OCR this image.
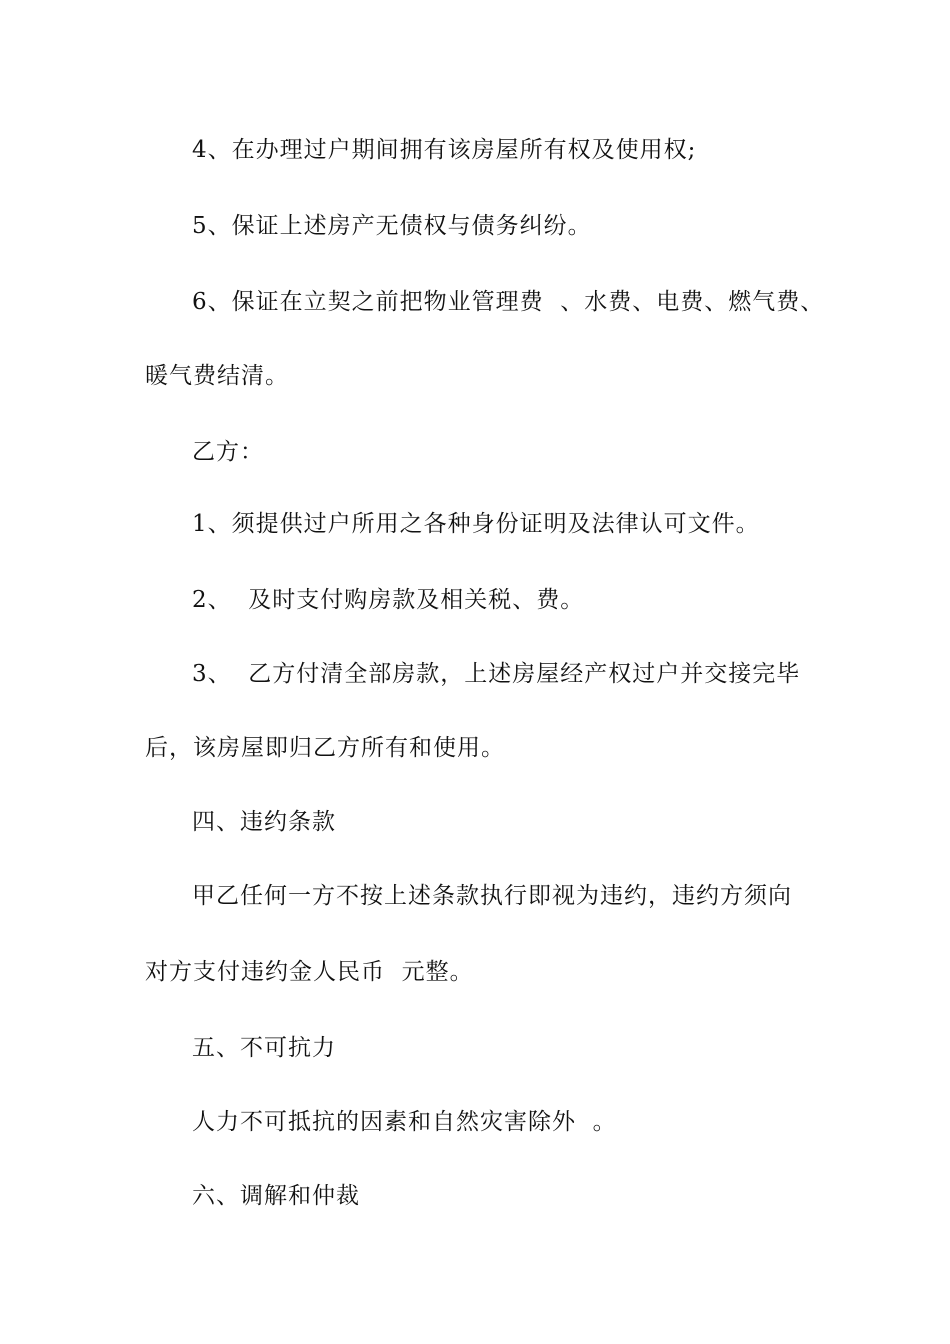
4、在办理过户期间拥有该房屋所有权及使用权;
5、保证上述房产无债权与债务纠纷。
6、保证在立契之前把物业管理费  、水费、电费、燃气费、
暖气费结清。
乙方：
1、须提供过户所用之各种身份证明及法律认可文件。
2、  及时支付购房款及相关税、费。
3、  乙方付清全部房款，上述房屋经产权过户并交接完毕
后，该房屋即归乙方所有和使用。
四、违约条款
甲乙任何一方不按上述条款执行即视为违约，违约方须向
对方支付违约金人民币  元整。
五、不可抗力
人力不可抵抗的因素和自然灾害除外  。
六、调解和仲裁
